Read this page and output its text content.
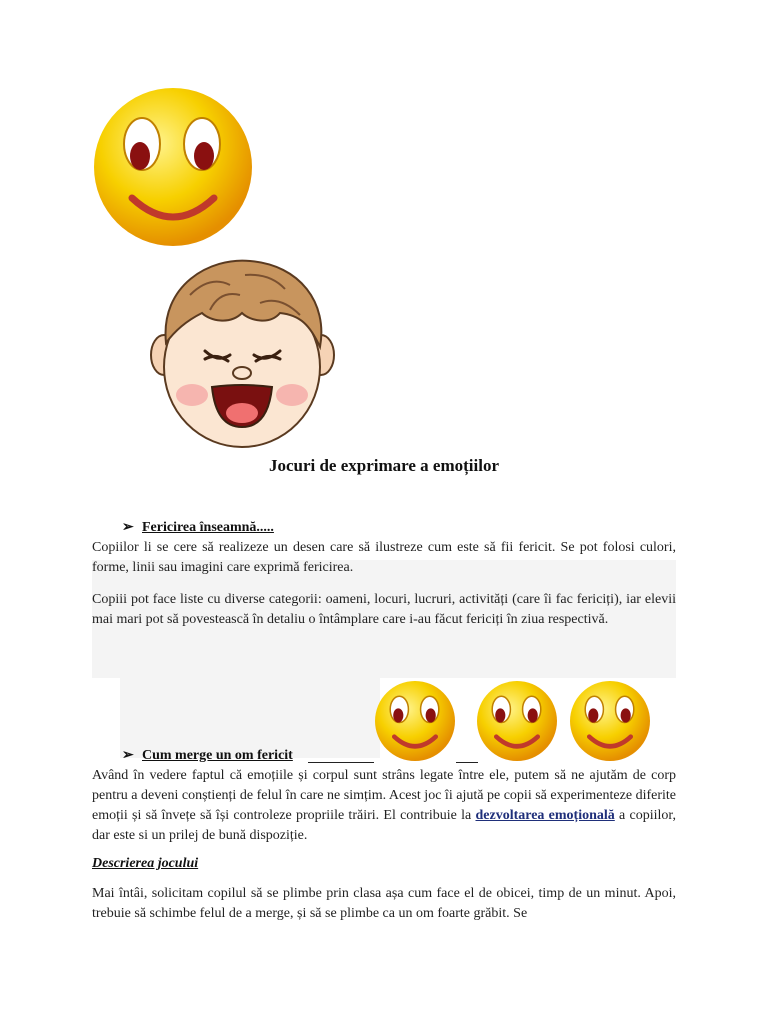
Jocuri de exprimare a emoțiilor
➢ Fericirea înseamnă.....

Copiilor li se cere să realizeze un desen care să ilustreze cum este să fii fericit. Se pot folosi culori, forme, linii sau imagini care exprimă fericirea.

Copiii pot face liste cu diverse categorii: oameni, locuri, lucruri, activități (care îi fac fericiți), iar elevii mai mari pot să povestească în detaliu o întâmplare care i-au făcut fericiți în ziua respectivă.

➢ Cum merge un om fericit

Având în vedere faptul că emoțiile și corpul sunt strâns legate între ele, putem să ne ajutăm de corp pentru a deveni conștienți de felul în care ne simțim. Acest joc îi ajută pe copii să experimenteze diferite emoții și să învețe să își controleze propriile trăiri. El contribuie la dezvoltarea emoțională a copiilor, dar este si un prilej de bună dispoziție.

Descrierea jocului

Mai întâi, solicitam copilul să se plimbe prin clasa așa cum face el de obicei, timp de un minut. Apoi, trebuie să schimbe felul de a merge, și să se plimbe ca un om foarte grăbit. Se
